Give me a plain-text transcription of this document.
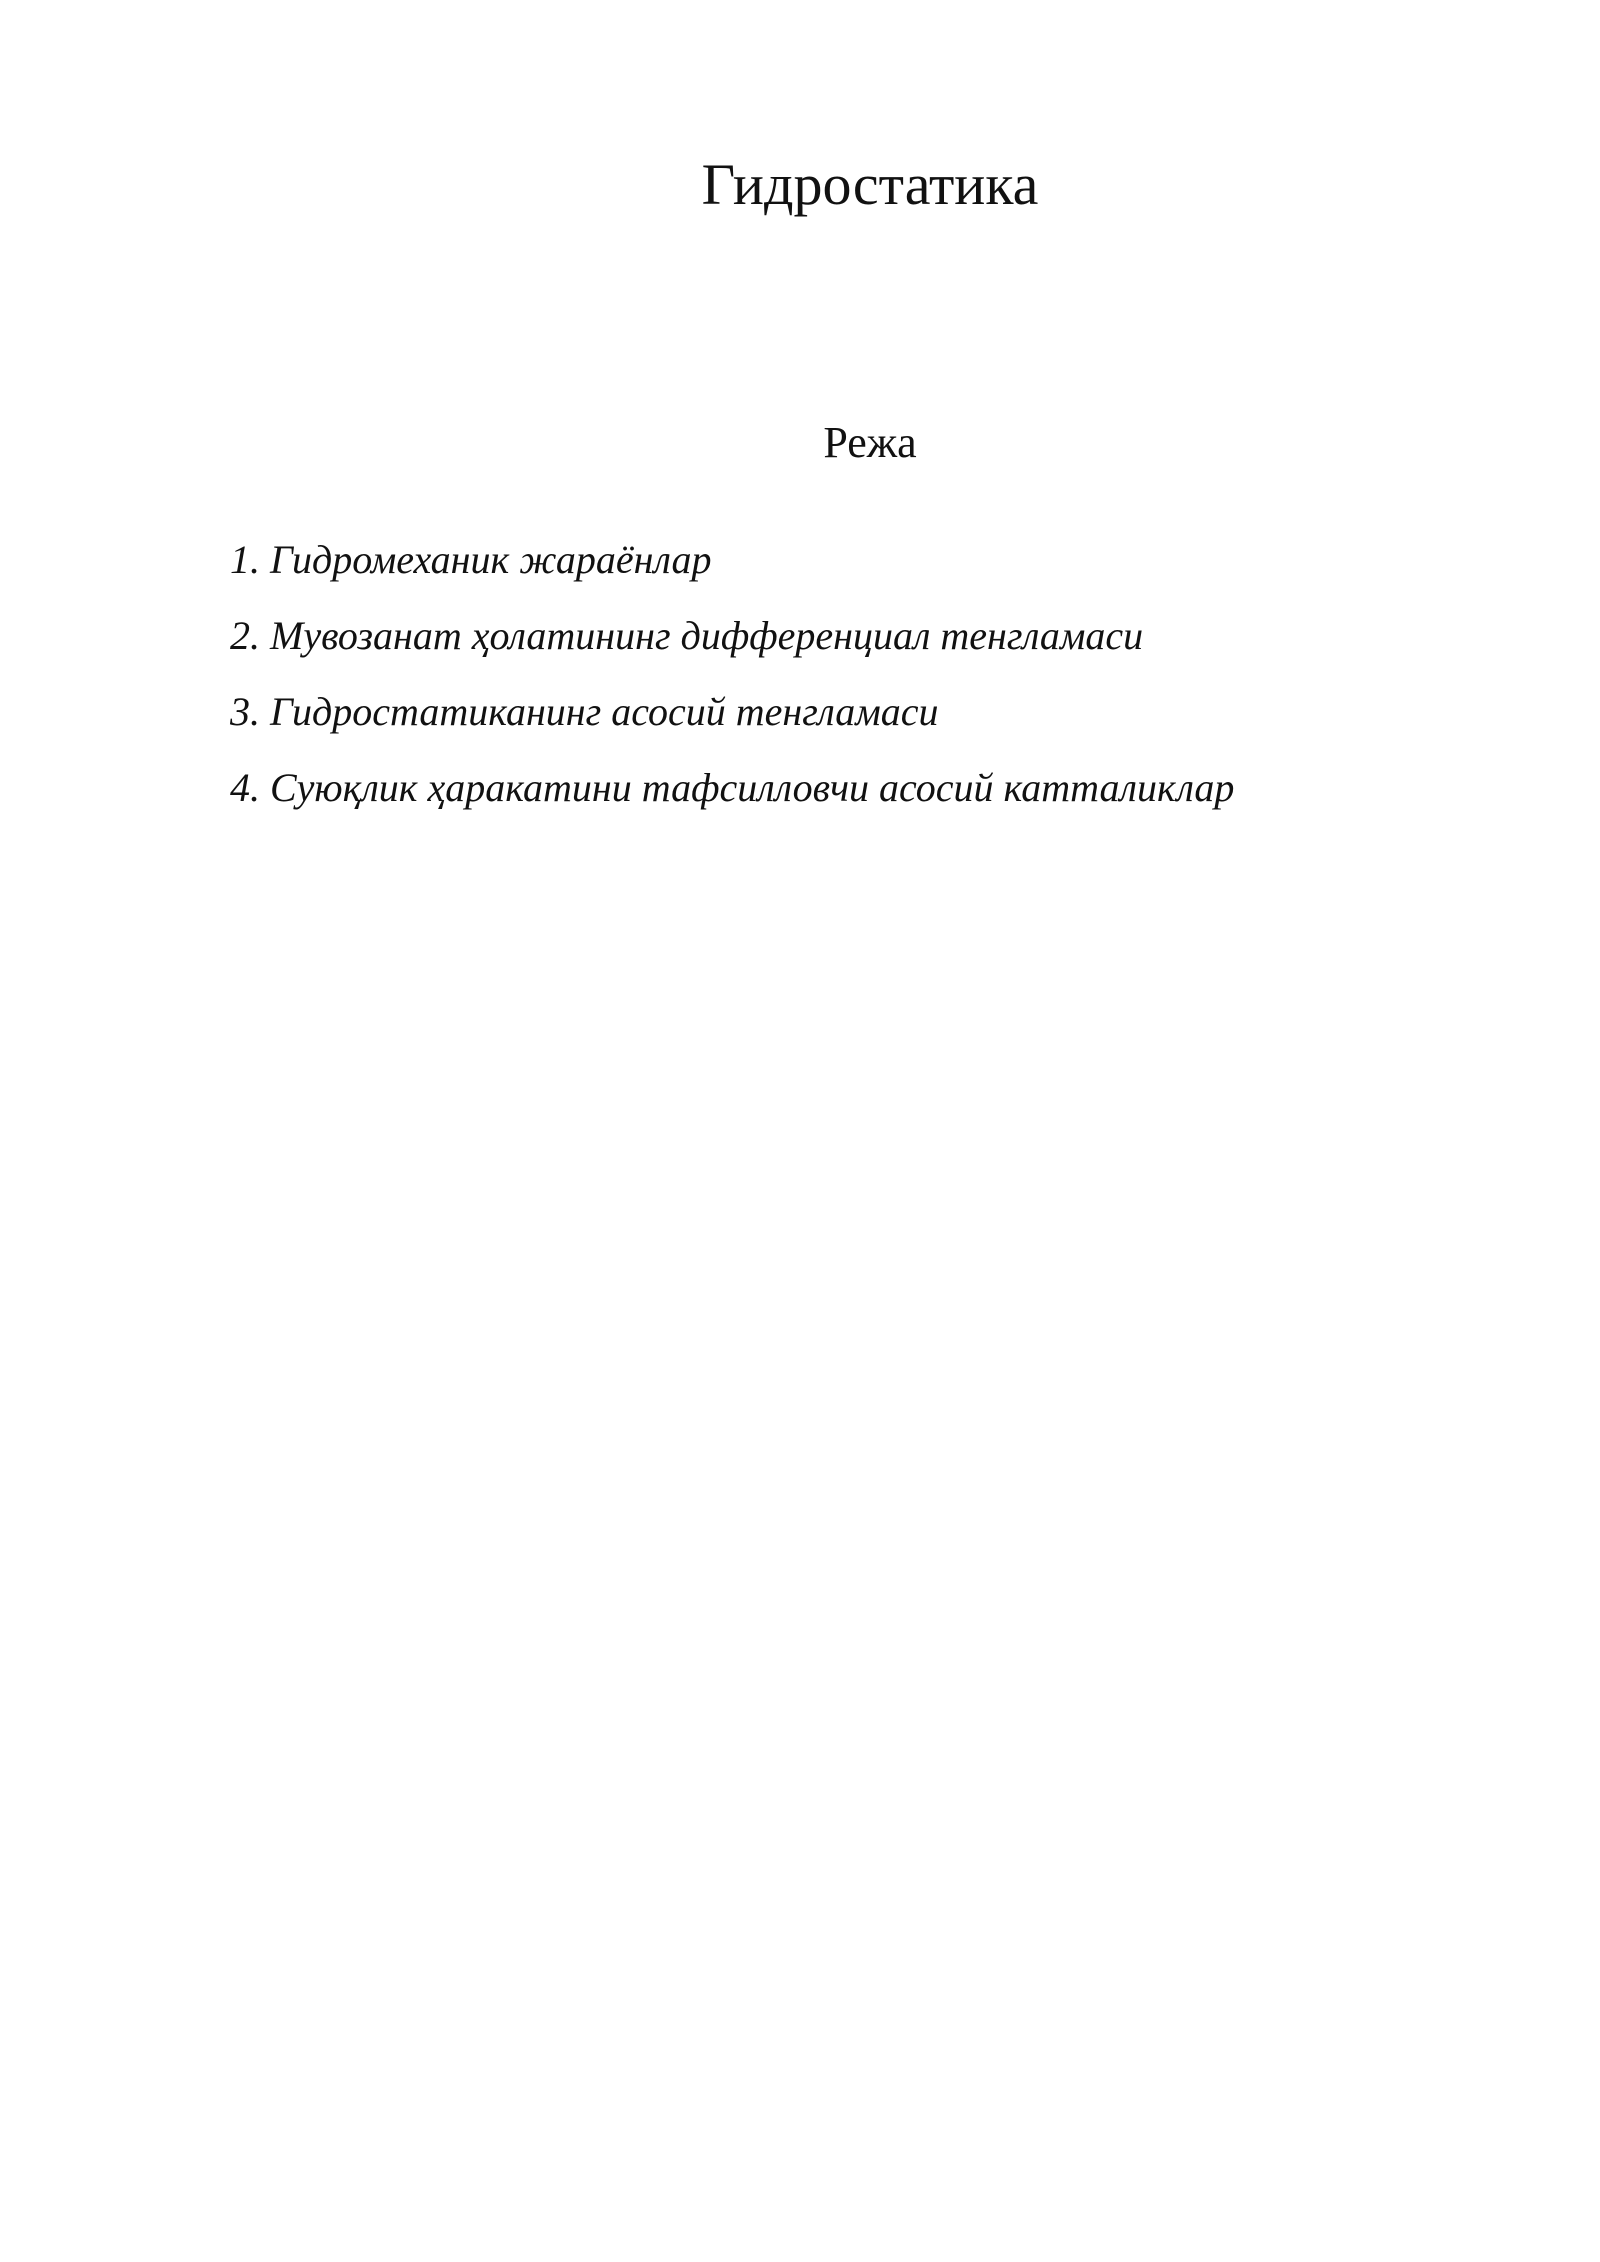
Гидростатика
Режа
1. Гидромеханик жараёнлар
2. Мувозанат ҳолатининг дифференциал тенгламаси
3. Гидростатиканинг асосий тенгламаси
4. Суюқлик ҳаракатини тафсилловчи асосий катталиклар
